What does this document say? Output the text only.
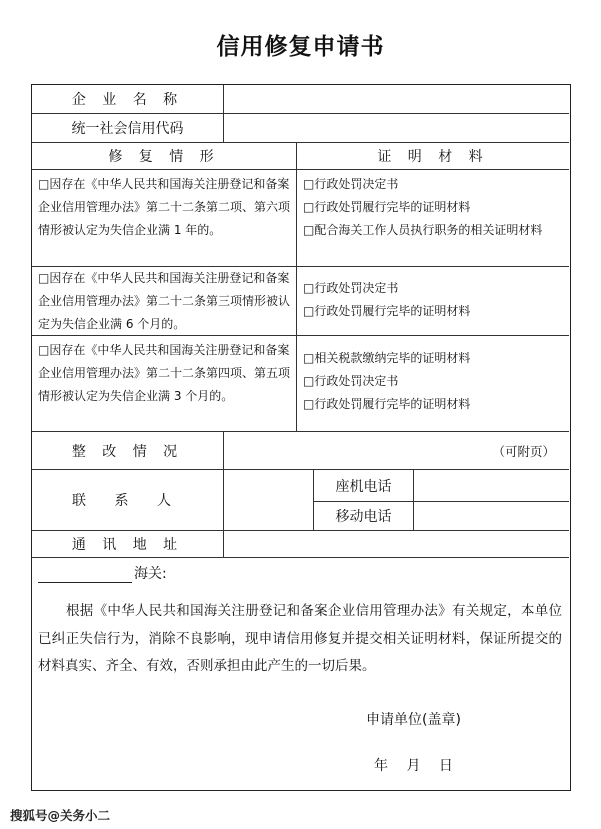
信用修复申请书
企 业 名 称
统一社会信用代码
修 复 情 形	证 明 材 料
□因存在《中华人民共和国海关注册登记和备案企业信用管理办法》第二十二条第二项、第六项情形被认定为失信企业满 1 年的。
□行政处罚决定书
□行政处罚履行完毕的证明材料
□配合海关工作人员执行职务的相关证明材料
□因存在《中华人民共和国海关注册登记和备案企业信用管理办法》第二十二条第三项情形被认定为失信企业满 6 个月的。
□行政处罚决定书
□行政处罚履行完毕的证明材料
□因存在《中华人民共和国海关注册登记和备案企业信用管理办法》第二十二条第四项、第五项情形被认定为失信企业满 3 个月的。
□相关税款缴纳完毕的证明材料
□行政处罚决定书
□行政处罚履行完毕的证明材料
整 改 情 况	（可附页）
联 系 人
座机电话
移动电话
通 讯 地 址
海关:
根据《中华人民共和国海关注册登记和备案企业信用管理办法》有关规定，本单位已纠正失信行为，消除不良影响，现申请信用修复并提交相关证明材料，保证所提交的材料真实、齐全、有效，否则承担由此产生的一切后果。
申请单位(盖章)
年　 月　 日
搜狐号@关务小二
